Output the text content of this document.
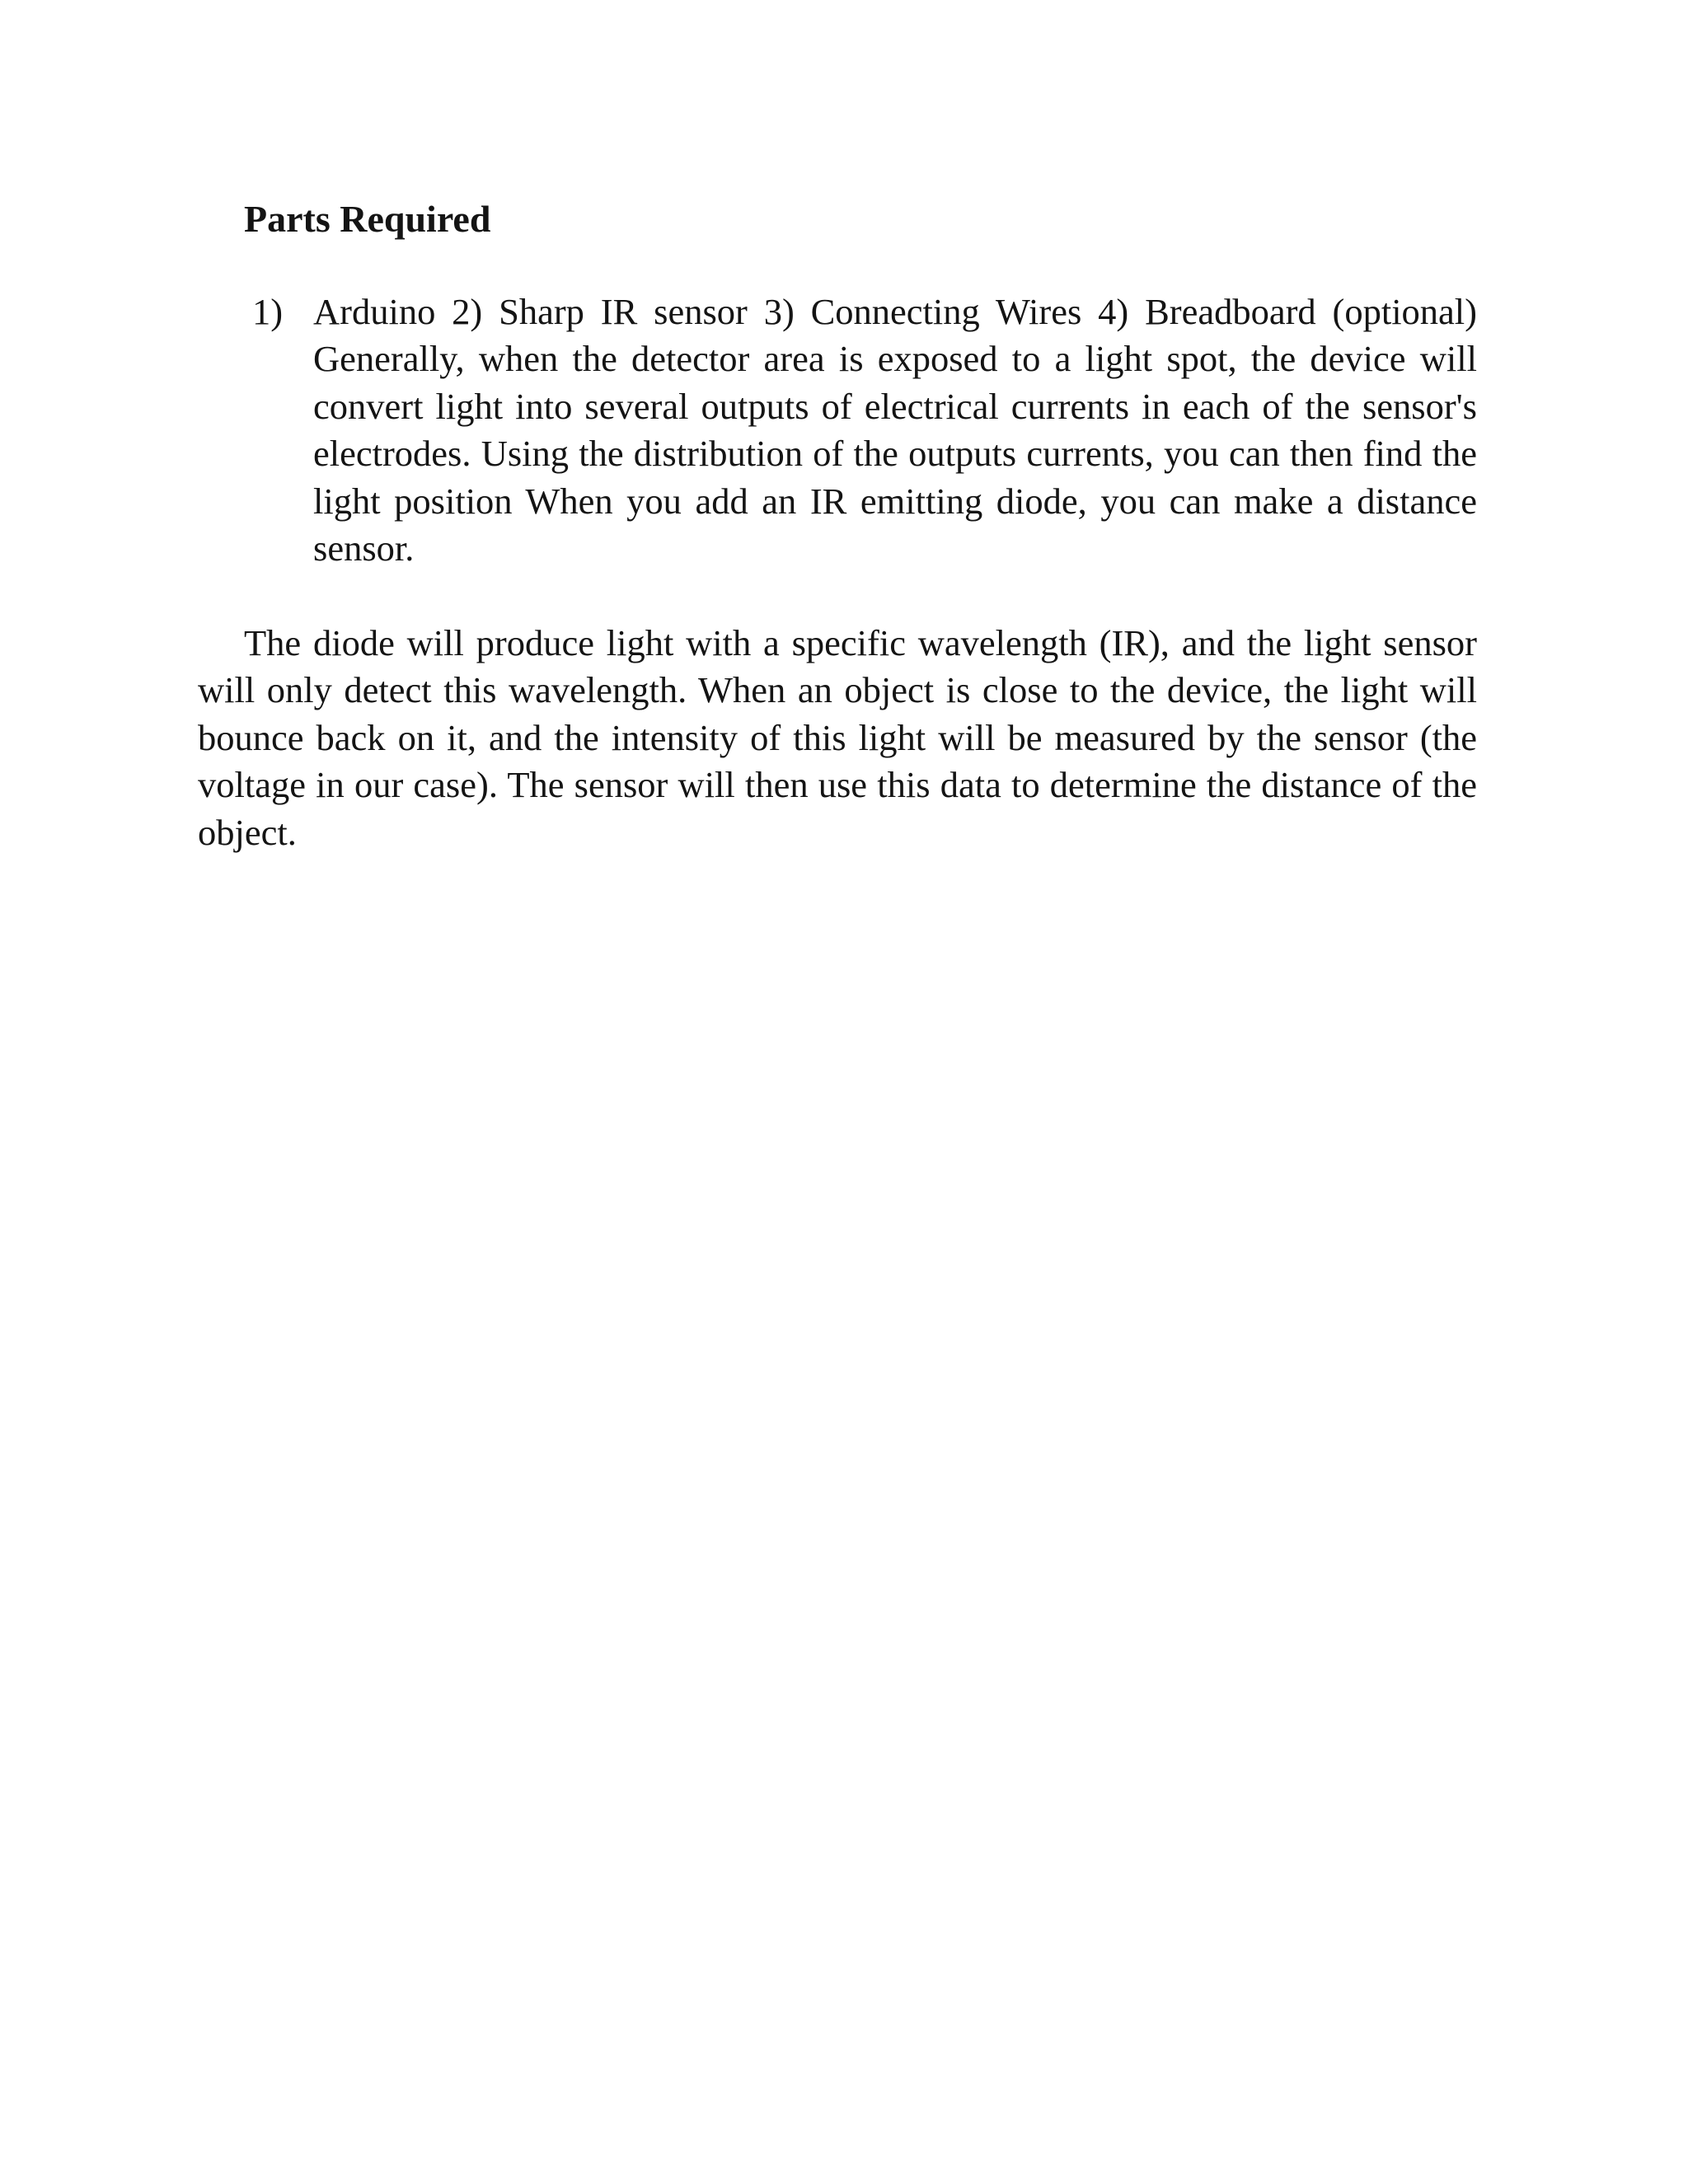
Parts Required
1) Arduino 2) Sharp IR sensor 3) Connecting Wires 4) Breadboard (optional) Generally, when the detector area is exposed to a light spot, the device will convert light into several outputs of electrical currents in each of the sensor's electrodes. Using the distribution of the outputs currents, you can then find the light position When you add an IR emitting diode, you can make a distance sensor.

The diode will produce light with a specific wavelength (IR), and the light sensor will only detect this wavelength. When an object is close to the device, the light will bounce back on it, and the intensity of this light will be measured by the sensor (the voltage in our case). The sensor will then use this data to determine the distance of the object.
